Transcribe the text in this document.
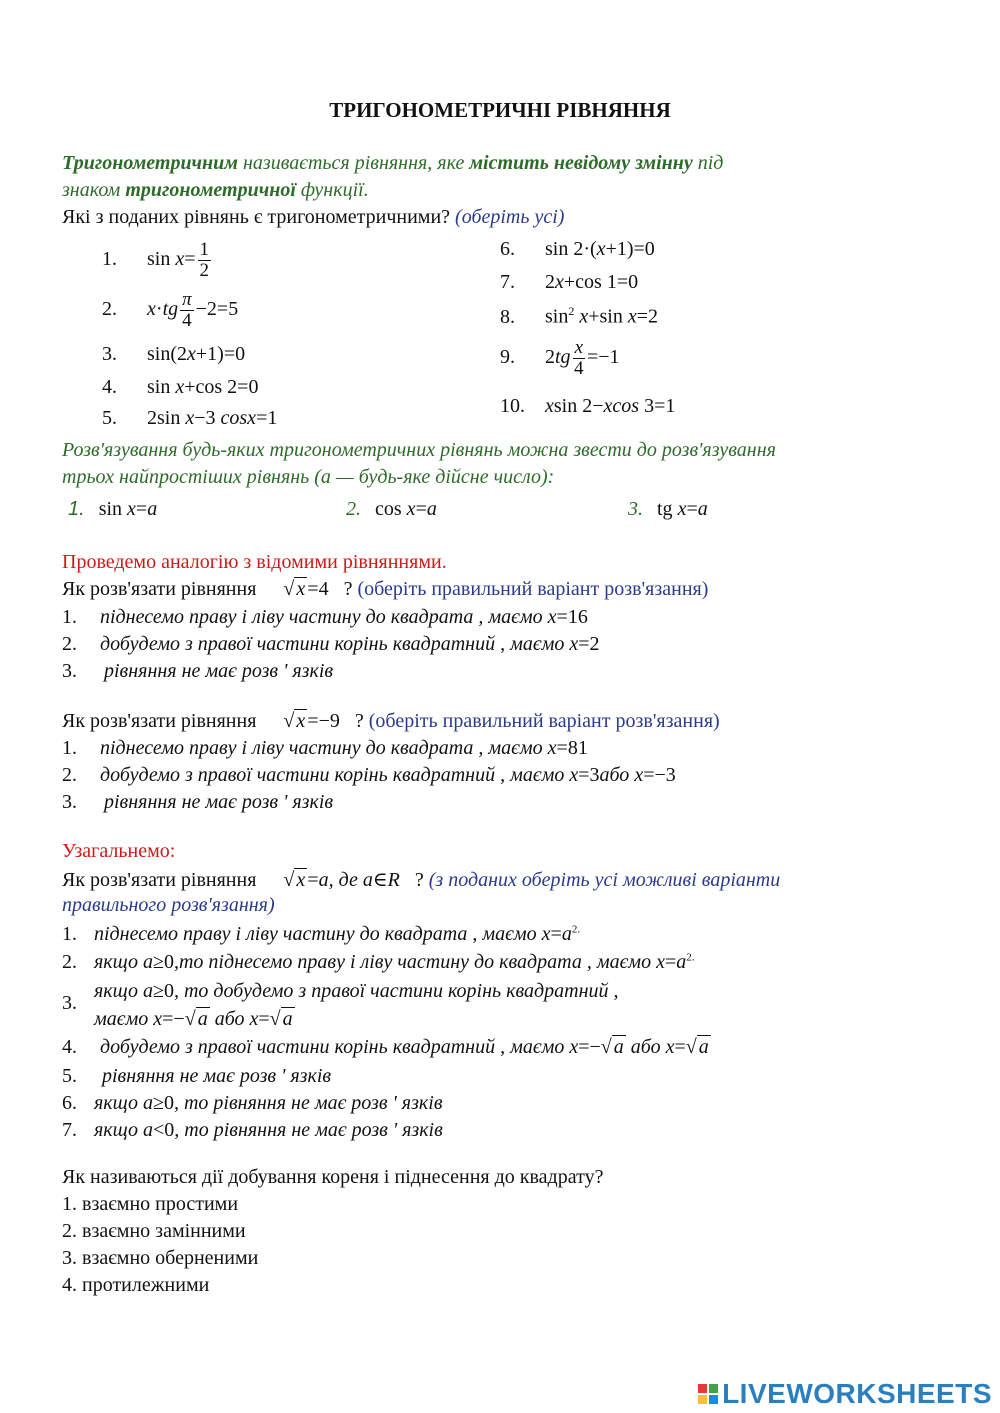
ТРИГОНОМЕТРИЧНІ РІВНЯННЯ
Тригонометричним називається рівняння, яке містить невідому змінну під
знаком тригонометричної функції.
Які з поданих рівнянь є тригонометричними? (оберіть усі)
1. $\sin x= \frac{1}{2}$
2. $x\cdot tg \frac{\pi}{4} -2=5$
3. sin(2x+1)=0
4. sin x+cos 2=0
5. 2sin x−3 cosx=1
6. sin 2·(x+1)=0
7. 2x+cos 1=0
8. $\sin^2 x+\sin$ x=2
9. $2tg \frac{x}{4} =-1$
10. xsin 2−xcos 3=1
Розв'язування будь-яких тригонометричних рівнянь можна звести до розв'язування
трьох найпростіших рівнянь (а — будь-яке дійсне число):
1. sin x=a	2. cos x=a	3. tg x=a
Проведемо аналогію з відомими рівняннями.
Як розв'язати рівняння √ x =4 ? (оберіть правильний варіант розв'язання)
1. піднесемо праву і ліву частину до квадрата , маємо x=16
2. добудемо з правої частини корінь квадратний , маємо x=2
3. рівняння не має розв ' язків
Як розв'язати рівняння √ x =−9 ? (оберіть правильний варіант розв'язання)
1. піднесемо праву і ліву частину до квадрата , маємо x=81
2. добудемо з правої частини корінь квадратний , маємо x=3або x=−3
3. рівняння не має розв ' язків
Узагальнемо:
Як розв'язати рівняння √ x =a, де a∈R ? (з поданих оберіть усі можливі варіанти
правильного розв'язання)
1. піднесемо праву і ліву частину до квадрата , маємо $x=a^{2.}$
2. якщо a≥0,то піднесемо праву і ліву частину до квадрата , маємо $x=a^{2.}$
3.
якщо a≥0, то добудемо з правої частини корінь квадратний ,
маємо x=−√ a або x=√ a
4. добудемо з правої частини корінь квадратний , маємо x=−√ a або x=√ a
5. рівняння не має розв ' язків
6. якщо a≥0, то рівняння не має розв ' язків
7. якщо a<0, то рівняння не має розв ' язків
Як називаються дії добування кореня і піднесення до квадрату?
1. взаємно простими
2. взаємно замінними
3. взаємно оберненими
4. протилежними
LIVEWORKSHEETS
